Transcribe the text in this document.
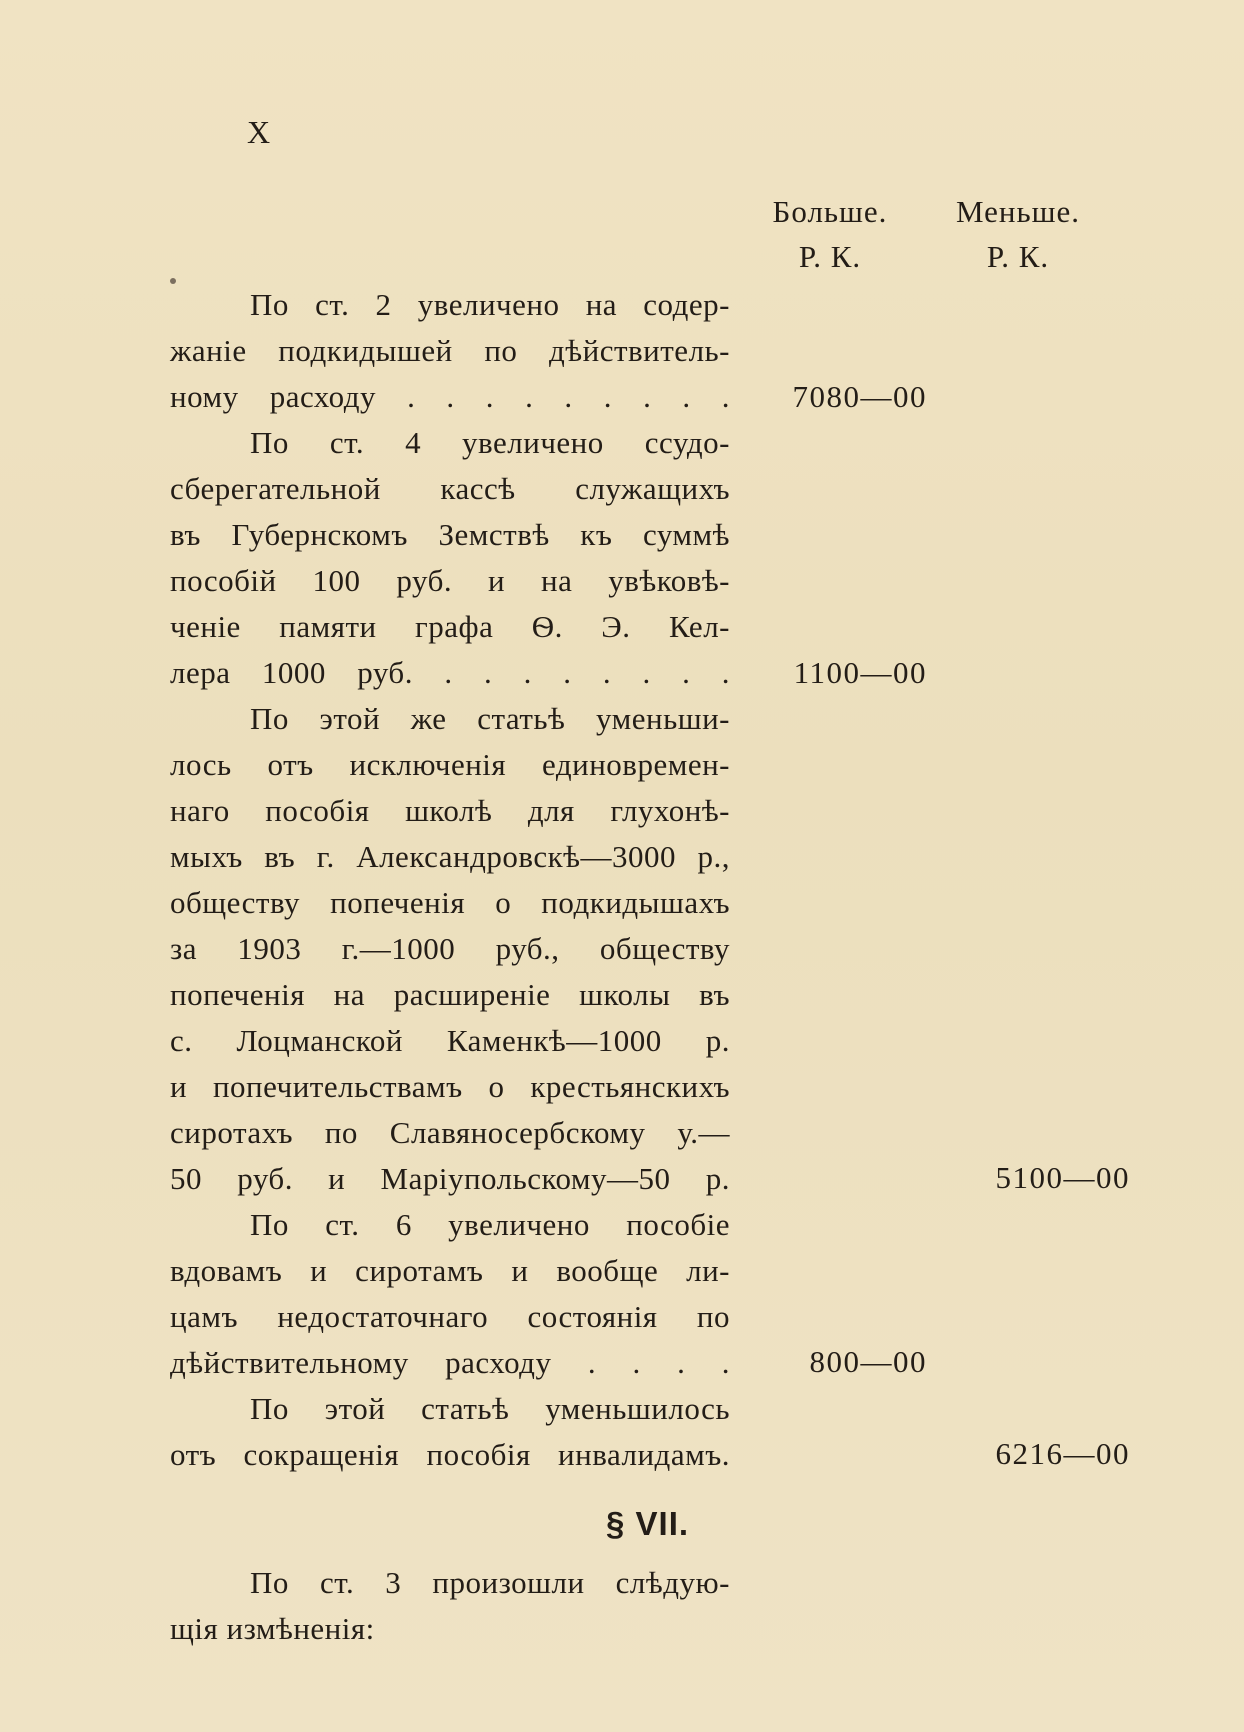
X
Больше.	Меньше.
Р. К.	Р. К.
По ст. 2 увеличено на содер-
жаніе подкидышей по дѣйствитель-
ному расходу . . . . . . . . .
По ст. 4 увеличено ссудо-
сберегательной кассѣ служащихъ
въ Губернскомъ Земствѣ къ суммѣ
пособій 100 руб. и на увѣковѣ-
ченіе памяти графа Ѳ. Э. Кел-
лера 1000 руб. . . . . . . . .
По этой же статьѣ уменьши-
лось отъ исключенія единовремен-
наго пособія школѣ для глухонѣ-
мыхъ въ г. Александровскѣ—3000 р.,
обществу попеченія о подкидышахъ
за 1903 г.—1000 руб., обществу
попеченія на расширеніе школы въ
с. Лоцманской Каменкѣ—1000 р.
и попечительствамъ о крестьянскихъ
сиротахъ по Славяносербскому у.—
50 руб. и Маріупольскому—50 р.
По ст. 6 увеличено пособіе
вдовамъ и сиротамъ и вообще ли-
цамъ недостаточнаго состоянія по
дѣйствительному расходу . . . .
По этой статьѣ уменьшилось
отъ сокращенія пособія инвалидамъ.
7080—00
1100—00
5100—00
800—00
6216—00
§ VII.
По ст. 3 произошли слѣдую-
щія измѣненія:
